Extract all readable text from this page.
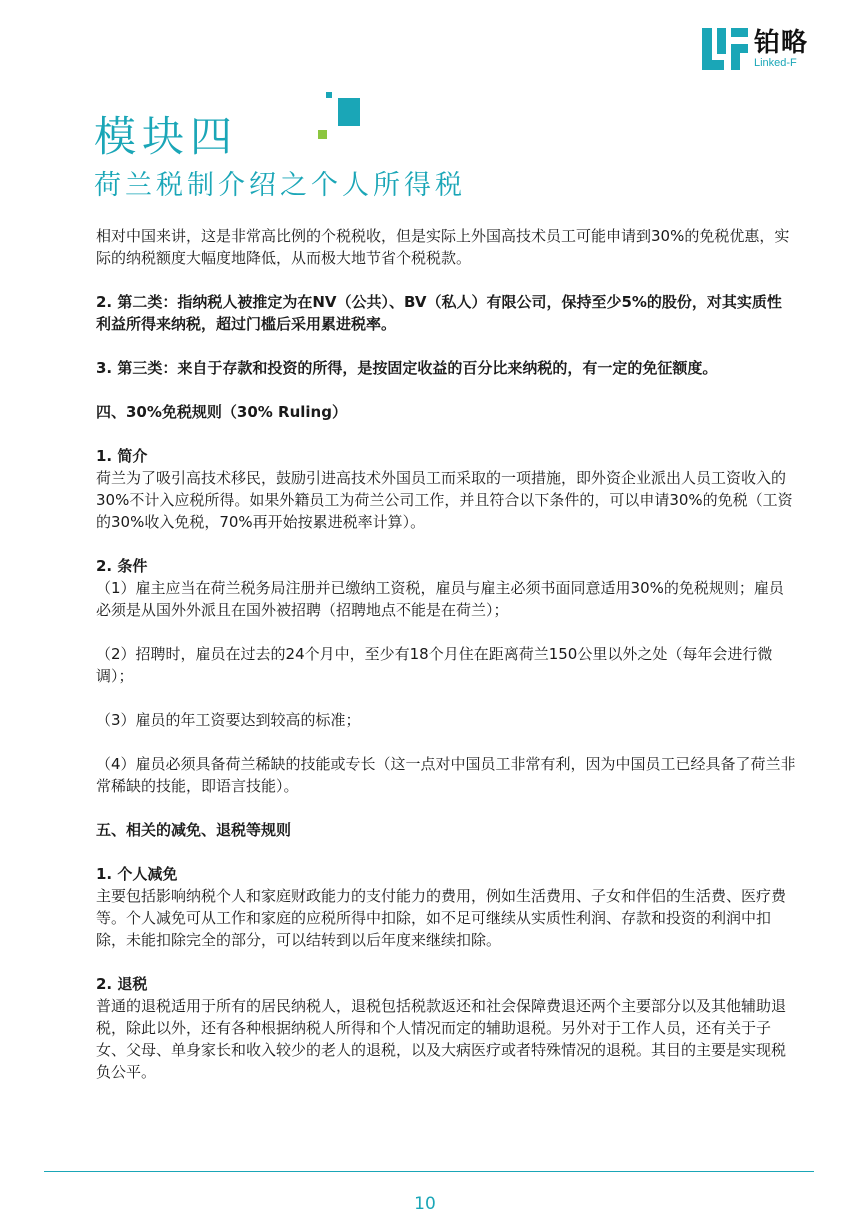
铂略
Linked-F
模块四
荷兰税制介绍之个人所得税

相对中国来讲，这是非常高比例的个税税收，但是实际上外国高技术员工可能申请到30%的免税优惠，实际的纳税额度大幅度地降低，从而极大地节省个税税款。

2. 第二类：指纳税人被推定为在NV（公共）、BV（私人）有限公司，保持至少5%的股份，对其实质性利益所得来纳税，超过门槛后采用累进税率。

3. 第三类：来自于存款和投资的所得，是按固定收益的百分比来纳税的，有一定的免征额度。

四、30%免税规则（30% Ruling）

1. 简介

荷兰为了吸引高技术移民，鼓励引进高技术外国员工而采取的一项措施，即外资企业派出人员工资收入的30%不计入应税所得。如果外籍员工为荷兰公司工作，并且符合以下条件的，可以申请30%的免税（工资的30%收入免税，70%再开始按累进税率计算）。

2. 条件

（1）雇主应当在荷兰税务局注册并已缴纳工资税，雇员与雇主必须书面同意适用30%的免税规则；雇员必须是从国外外派且在国外被招聘（招聘地点不能是在荷兰）；

（2）招聘时，雇员在过去的24个月中，至少有18个月住在距离荷兰150公里以外之处（每年会进行微调）；

（3）雇员的年工资要达到较高的标准；

（4）雇员必须具备荷兰稀缺的技能或专长（这一点对中国员工非常有利，因为中国员工已经具备了荷兰非常稀缺的技能，即语言技能）。

五、相关的减免、退税等规则

1. 个人减免

主要包括影响纳税个人和家庭财政能力的支付能力的费用，例如生活费用、子女和伴侣的生活费、医疗费等。个人减免可从工作和家庭的应税所得中扣除，如不足可继续从实质性利润、存款和投资的利润中扣除，未能扣除完全的部分，可以结转到以后年度来继续扣除。

2. 退税

普通的退税适用于所有的居民纳税人，退税包括税款返还和社会保障费退还两个主要部分以及其他辅助退税，除此以外，还有各种根据纳税人所得和个人情况而定的辅助退税。另外对于工作人员，还有关于子女、父母、单身家长和收入较少的老人的退税，以及大病医疗或者特殊情况的退税。其目的主要是实现税负公平。

10
